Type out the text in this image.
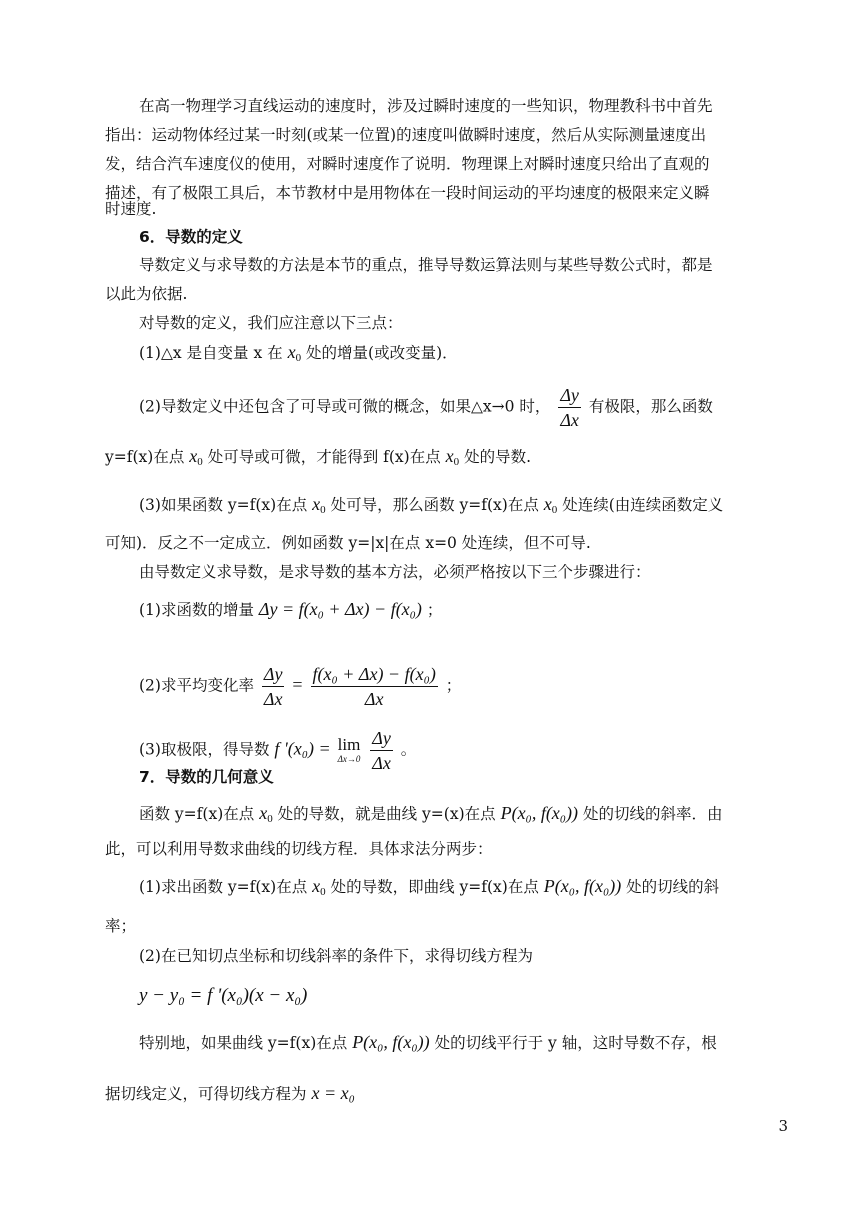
在高一物理学习直线运动的速度时，涉及过瞬时速度的一些知识，物理教科书中首先
指出：运动物体经过某一时刻(或某一位置)的速度叫做瞬时速度，然后从实际测量速度出
发，结合汽车速度仪的使用，对瞬时速度作了说明．物理课上对瞬时速度只给出了直观的
描述，有了极限工具后，本节教材中是用物体在一段时间运动的平均速度的极限来定义瞬
时速度.
6．导数的定义
导数定义与求导数的方法是本节的重点，推导导数运算法则与某些导数公式时，都是
以此为依据.
对导数的定义，我们应注意以下三点：
(1)△x 是自变量 x 在 $x_0$ 处的增量(或改变量)．
(2)导数定义中还包含了可导或可微的概念，如果△x→0 时， $\frac{\Delta y}{\Delta x}$ 有极限，那么函数
y=f(x)在点 $x_0$ 处可导或可微，才能得到 f(x)在点 $x_0$ 处的导数.
(3)如果函数 y=f(x)在点 $x_0$ 处可导，那么函数 y=f(x)在点 $x_0$ 处连续(由连续函数定义
可知)．反之不一定成立．例如函数 y=|x|在点 x=0 处连续，但不可导.
由导数定义求导数，是求导数的基本方法，必须严格按以下三个步骤进行：
(1)求函数的增量 Δy = f(x₀ + Δx) − f(x₀) ；
(2)求平均变化率 $\frac{\Delta y}{\Delta x} = \frac{\text{f(x₀ + Δx) − f(x₀)}}{\Delta x}$ ；
(3)取极限，得导数 f '(x₀) = lim
Δx→0
$\frac{\Delta y}{\Delta x}$ 。
7．导数的几何意义
函数 y=f(x)在点 $x_0$ 处的导数，就是曲线 y=(x)在点 P(x₀, f(x₀)) 处的切线的斜率．由
此，可以利用导数求曲线的切线方程．具体求法分两步：
(1)求出函数 y=f(x)在点 $x_0$ 处的导数，即曲线 y=f(x)在点 P(x₀, f(x₀)) 处的切线的斜
率；
(2)在已知切点坐标和切线斜率的条件下，求得切线方程为
y − y₀ = f '(x₀)(x − x₀)
特别地，如果曲线 y=f(x)在点 P(x₀, f(x₀)) 处的切线平行于 y 轴，这时导数不存，根
据切线定义，可得切线方程为 x = x₀
3
